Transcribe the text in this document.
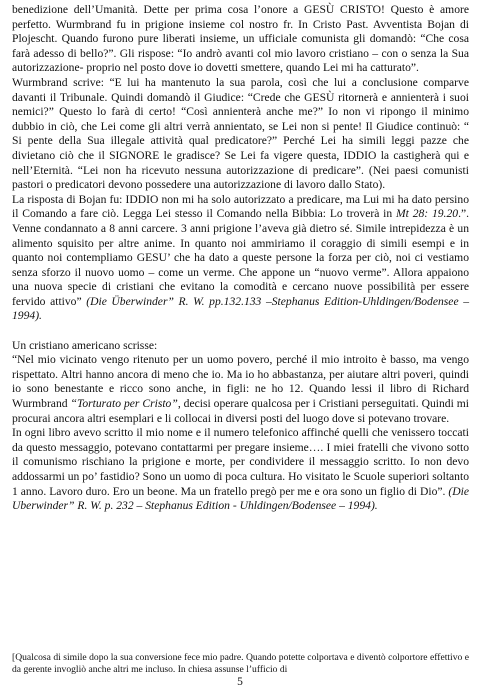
benedizione dell’Umanità. Dette per prima cosa l’onore a GESÙ CRISTO! Questo è amore perfetto. Wurmbrand fu in prigione insieme col nostro fr. In Cristo Past. Avventista Bojan di Plojescht. Quando furono pure liberati insieme, un ufficiale comunista gli domandò: “Che cosa farà adesso di bello?”. Gli rispose: “Io andrò avanti col mio lavoro cristiano – con o senza la Sua autorizzazione- proprio nel posto dove io dovetti smettere, quando Lei mi ha catturato”.

Wurmbrand scrive: “E lui ha mantenuto la sua parola, così che lui a conclusione comparve davanti il Tribunale. Quindi domandò il Giudice: “Crede che GESÙ ritornerà e annienterà i suoi nemici?” Questo lo farà di certo! “Così annienterà anche me?” Io non vi ripongo il minimo dubbio in ciò, che Lei come gli altri verrà annientato, se Lei non si pente! Il Giudice continuò: “ Si pente della Sua illegale attività qual predicatore?” Perché Lei ha simili leggi pazze che divietano ciò che il SIGNORE le gradisce? Se Lei fa vigere questa, IDDIO la castigherà qui e nell’Eternità. “Lei non ha ricevuto nessuna autorizzazione di predicare”. (Nei paesi comunisti pastori o predicatori devono possedere una autorizzazione di lavoro dallo Stato).

La risposta di Bojan fu: IDDIO non mi ha solo autorizzato a predicare, ma Lui mi ha dato persino il Comando a fare ciò. Legga Lei stesso il Comando nella Bibbia: Lo troverà in Mt 28: 19.20.”. Venne condannato a 8 anni carcere. 3 anni prigione l’aveva già dietro sé. Simile intrepidezza è un alimento squisito per altre anime. In quanto noi ammiriamo il coraggio di simili esempi e in quanto noi contempliamo GESU’ che ha dato a queste persone la forza per ciò, noi ci vestiamo senza sforzo il nuovo uomo – come un verme. Che appone un “nuovo verme”. Allora appaiono una nuova specie di cristiani che evitano la comodità e cercano nuove possibilità per essere fervido attivo” (Die Überwinder” R. W. pp.132.133 –Stephanus Edition-Uhldingen/Bodensee – 1994).

Un cristiano americano scrisse:

“Nel mio vicinato vengo ritenuto per un uomo povero, perché il mio introito è basso, ma vengo rispettato. Altri hanno ancora di meno che io. Ma io ho abbastanza, per aiutare altri poveri, quindi io sono benestante e ricco sono anche, in figli: ne ho 12. Quando lessi il libro di Richard Wurmbrand “Torturato per Cristo”, decisi operare qualcosa per i Cristiani perseguitati. Quindi mi procurai ancora altri esemplari e li collocai in diversi posti del luogo dove si potevano trovare.

In ogni libro avevo scritto il mio nome e il numero telefonico affinché quelli che venissero toccati da questo messaggio, potevano contattarmi per pregare insieme…. I miei fratelli che vivono sotto il comunismo rischiano la prigione e morte, per condividere il messaggio scritto. Io non devo addossarmi un po’ fastidio? Sono un uomo di poca cultura. Ho visitato le Scuole superiori soltanto 1 anno. Lavoro duro. Ero un beone. Ma un fratello pregò per me e ora sono un figlio di Dio”. (Die Uberwinder” R. W. p. 232 – Stephanus Edition - Uhldingen/Bodensee – 1994).

[Qualcosa di simile dopo la sua conversione fece mio padre. Quando potette colportava e diventò colportore effettivo e da gerente invogliò anche altri me incluso. In chiesa assunse l’ufficio di

5
